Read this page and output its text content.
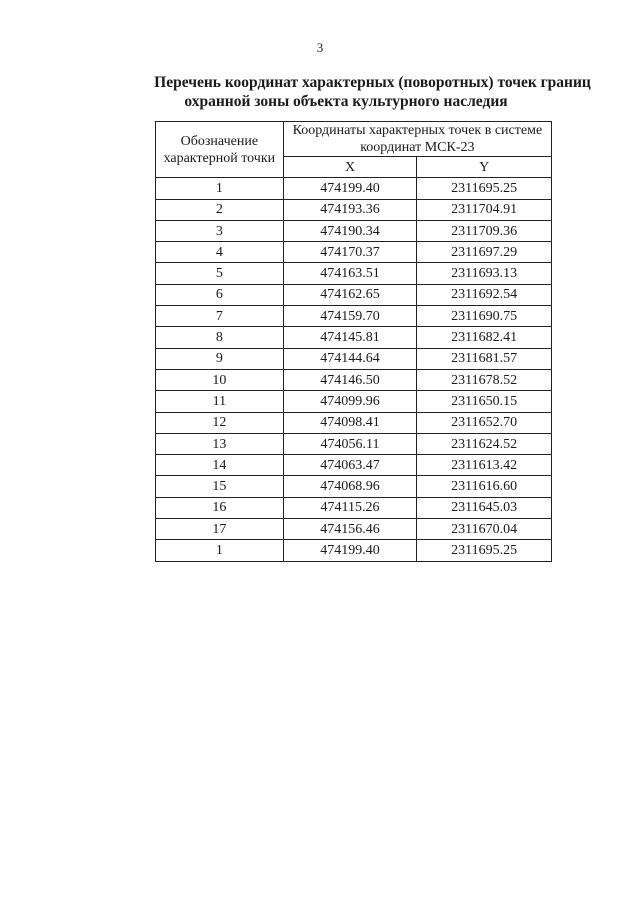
3
Перечень координат характерных (поворотных) точек границ
охранной зоны объекта культурного наследия
Обозначение характерной точки	Координаты характерных точек в системе координат МСК-23	
	X	Y
1	474199.40	2311695.25
2	474193.36	2311704.91
3	474190.34	2311709.36
4	474170.37	2311697.29
5	474163.51	2311693.13
6	474162.65	2311692.54
7	474159.70	2311690.75
8	474145.81	2311682.41
9	474144.64	2311681.57
10	474146.50	2311678.52
11	474099.96	2311650.15
12	474098.41	2311652.70
13	474056.11	2311624.52
14	474063.47	2311613.42
15	474068.96	2311616.60
16	474115.26	2311645.03
17	474156.46	2311670.04
1	474199.40	2311695.25
